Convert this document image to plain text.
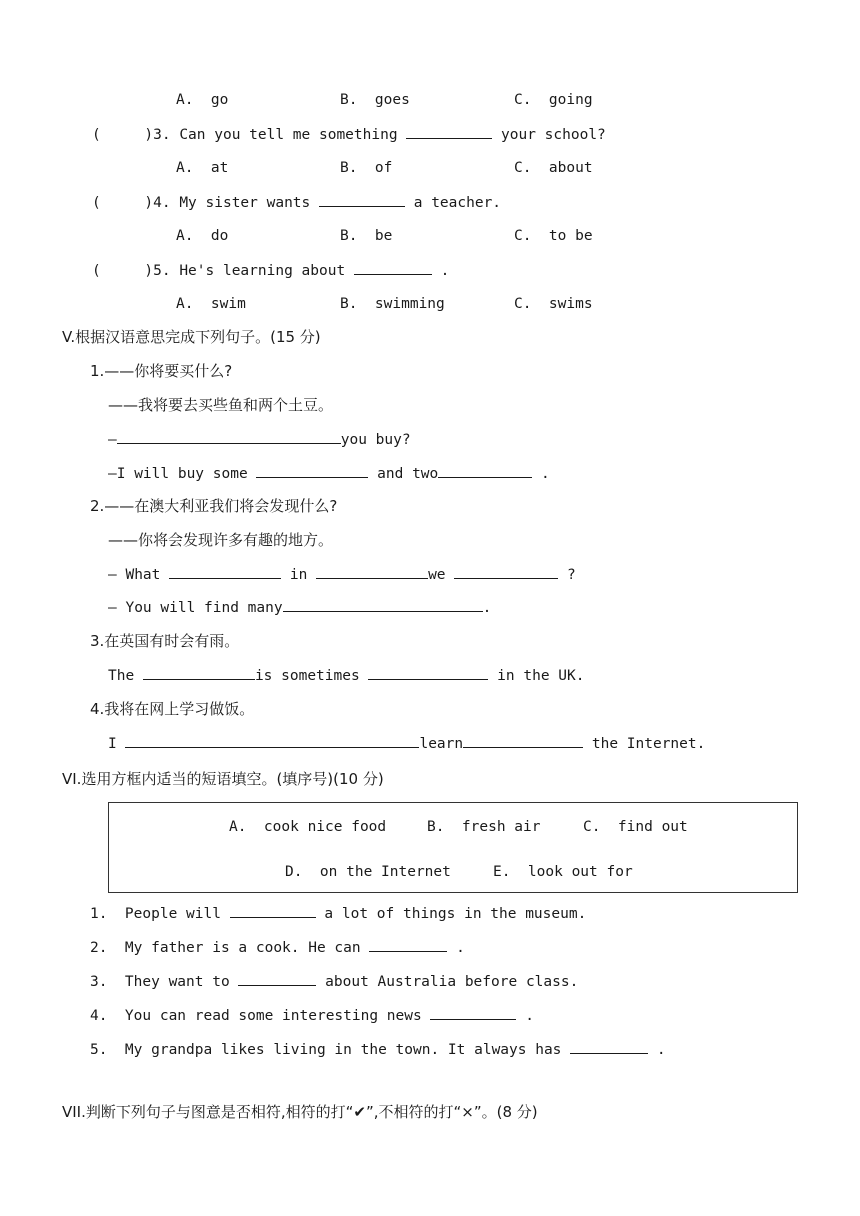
A.  go	B.  goes	C.  going
(     )3. Can you tell me something	your school?
A.  at	B.  of	C.  about
(     )4. My sister wants	a teacher.
A.  do	B.  be	C.  to be
(     )5. He's learning about	.
A.  swim	B.  swimming	C.  swims
V.根据汉语意思完成下列句子。(15 分)
1.——你将要买什么?
——我将要去买些鱼和两个土豆。
—	you buy?
—I will buy some	and two	.
2.——在澳大利亚我们将会发现什么?
——你将会发现许多有趣的地方。
— What	in	we	?
— You will find many	.
3.在英国有时会有雨。
The	is sometimes	in the UK.
4.我将在网上学习做饭。
I	learn	the Internet.
VI.选用方框内适当的短语填空。(填序号)(10 分)
A.  cook nice food	B.  fresh air	C.  find out
D.  on the Internet	E.  look out for
1.  People will	a lot of things in the museum.
2.  My father is a cook. He can	.
3.  They want to	about Australia before class.
4.  You can read some interesting news	.
5.  My grandpa likes living in the town. It always has	.
VII.判断下列句子与图意是否相符,相符的打“✔”,不相符的打“×”。(8 分)
